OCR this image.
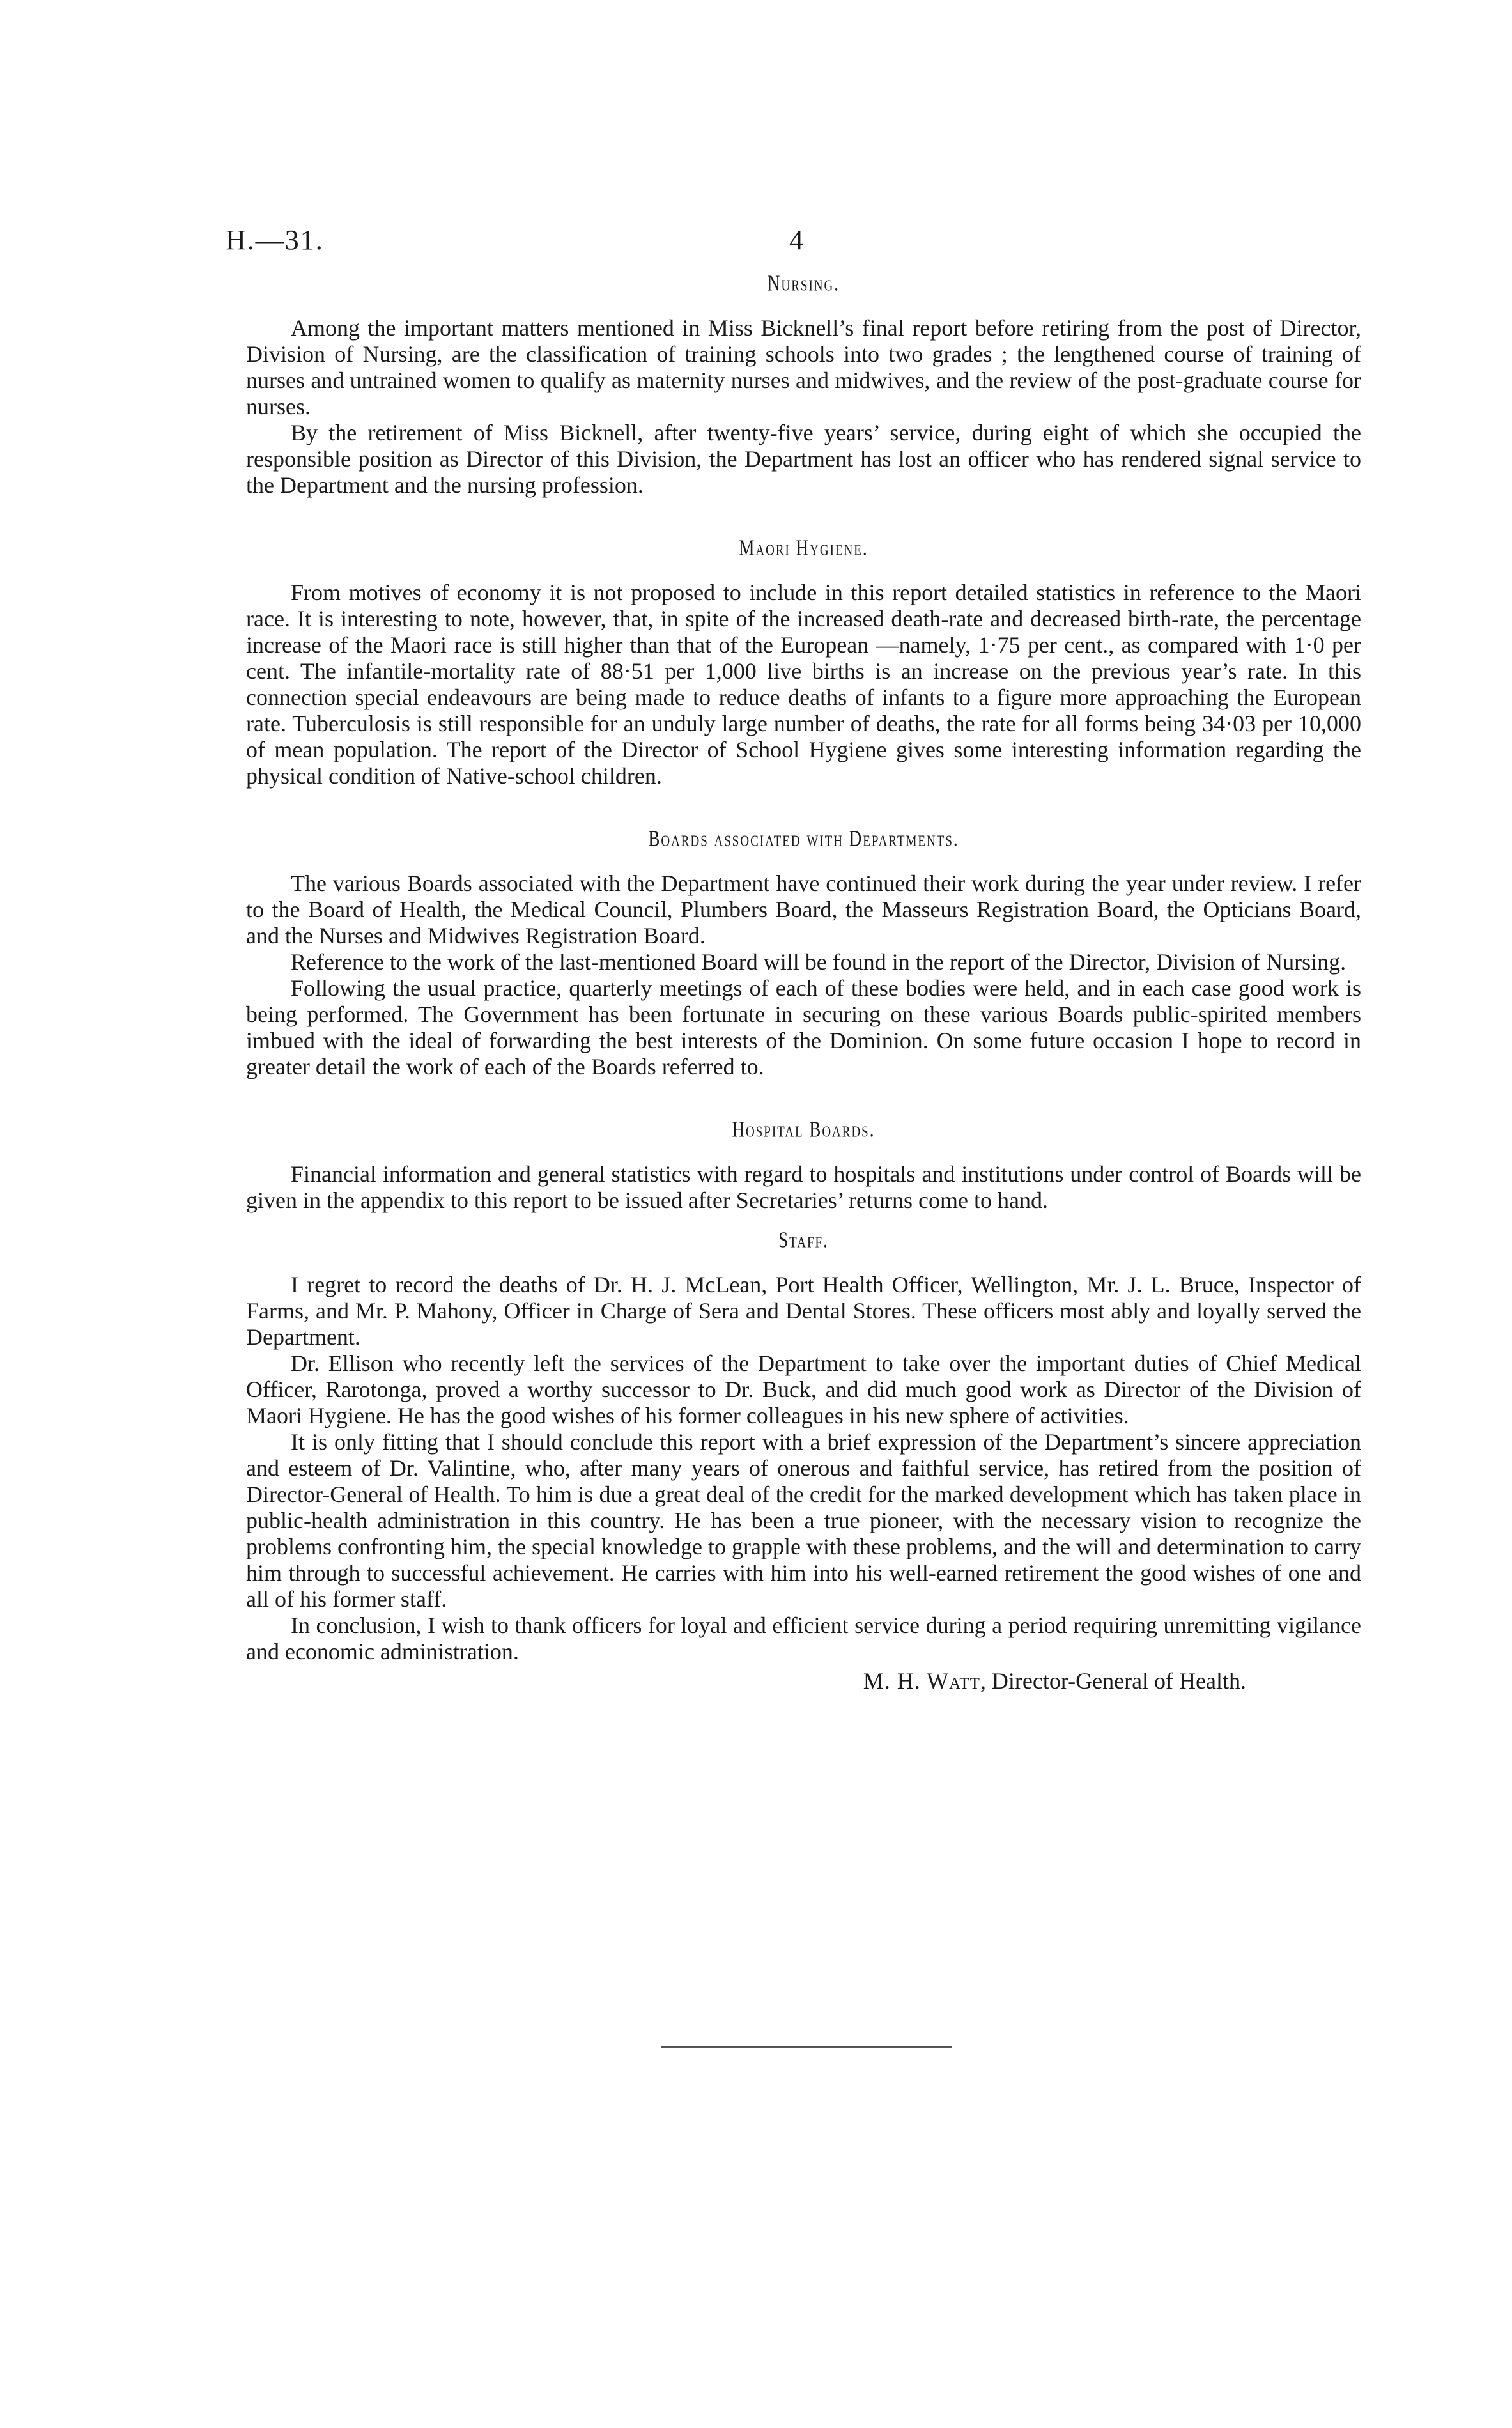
H.—31.	4
Nursing.

Among the important matters mentioned in Miss Bicknell’s final report before retiring from the post of Director, Division of Nursing, are the classification of training schools into two grades ; the lengthened course of training of nurses and untrained women to qualify as maternity nurses and midwives, and the review of the post-graduate course for nurses.

By the retirement of Miss Bicknell, after twenty-five years’ service, during eight of which she occupied the responsible position as Director of this Division, the Department has lost an officer who has rendered signal service to the Department and the nursing profession.

Maori Hygiene.

From motives of economy it is not proposed to include in this report detailed statistics in reference to the Maori race. It is interesting to note, however, that, in spite of the increased death-rate and decreased birth-rate, the percentage increase of the Maori race is still higher than that of the European —namely, 1·75 per cent., as compared with 1·0 per cent. The infantile-mortality rate of 88·51 per 1,000 live births is an increase on the previous year’s rate. In this connection special endeavours are being made to reduce deaths of infants to a figure more approaching the European rate. Tuberculosis is still responsible for an unduly large number of deaths, the rate for all forms being 34·03 per 10,000 of mean population. The report of the Director of School Hygiene gives some interesting information regarding the physical condition of Native-school children.

Boards associated with Departments.

The various Boards associated with the Department have continued their work during the year under review. I refer to the Board of Health, the Medical Council, Plumbers Board, the Masseurs Registration Board, the Opticians Board, and the Nurses and Midwives Registration Board.

Reference to the work of the last-mentioned Board will be found in the report of the Director, Division of Nursing.

Following the usual practice, quarterly meetings of each of these bodies were held, and in each case good work is being performed. The Government has been fortunate in securing on these various Boards public-spirited members imbued with the ideal of forwarding the best interests of the Dominion. On some future occasion I hope to record in greater detail the work of each of the Boards referred to.

Hospital Boards.

Financial information and general statistics with regard to hospitals and institutions under control of Boards will be given in the appendix to this report to be issued after Secretaries’ returns come to hand.

Staff.

I regret to record the deaths of Dr. H. J. McLean, Port Health Officer, Wellington, Mr. J. L. Bruce, Inspector of Farms, and Mr. P. Mahony, Officer in Charge of Sera and Dental Stores. These officers most ably and loyally served the Department.

Dr. Ellison who recently left the services of the Department to take over the important duties of Chief Medical Officer, Rarotonga, proved a worthy successor to Dr. Buck, and did much good work as Director of the Division of Maori Hygiene. He has the good wishes of his former colleagues in his new sphere of activities.

It is only fitting that I should conclude this report with a brief expression of the Department’s sincere appreciation and esteem of Dr. Valintine, who, after many years of onerous and faithful service, has retired from the position of Director-General of Health. To him is due a great deal of the credit for the marked development which has taken place in public-health administration in this country. He has been a true pioneer, with the necessary vision to recognize the problems confronting him, the special knowledge to grapple with these problems, and the will and determination to carry him through to successful achievement. He carries with him into his well-earned retirement the good wishes of one and all of his former staff.

In conclusion, I wish to thank officers for loyal and efficient service during a period requiring unremitting vigilance and economic administration.

M. H. Watt, Director-General of Health.
